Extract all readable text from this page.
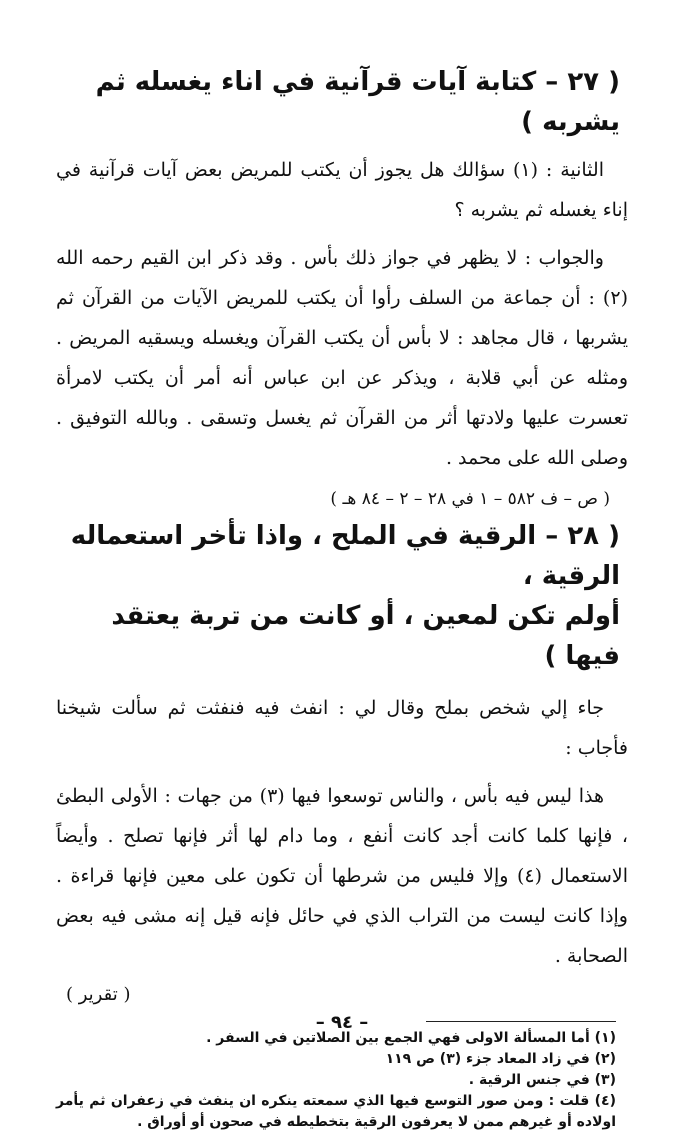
( ٢٧ – كتابة آيات قرآنية في اناء يغسله ثم يشربه )

الثانية : (١) سؤالك هل يجوز أن يكتب للمريض بعض آيات قرآنية في إناء يغسله ثم يشربه ؟

والجواب : لا يظهر في جواز ذلك بأس . وقد ذكر ابن القيم رحمه الله (٢) : أن جماعة من السلف رأوا أن يكتب للمريض الآيات من القرآن ثم يشربها ، قال مجاهد : لا بأس أن يكتب القرآن ويغسله ويسقيه المريض . ومثله عن أبي قلابة ، ويذكر عن ابن عباس أنه أمر أن يكتب لامرأة تعسرت عليها ولادتها أثر من القرآن ثم يغسل وتسقى . وبالله التوفيق . وصلى الله على محمد .

( ص – ف ٥٨٢ – ١ في ٢٨ – ٢ – ٨٤ هـ )

( ٢٨ – الرقية في الملح ، واذا تأخر استعماله الرقية ،
أولم تكن لمعين ، أو كانت من تربة يعتقد فيها )

جاء إلي شخص بملح وقال لي : انفث فيه فنفثت ثم سألت شيخنا فأجاب :

هذا ليس فيه بأس ، والناس توسعوا فيها (٣) من جهات : الأولى البطئ ، فإنها كلما كانت أجد كانت أنفع ، وما دام لها أثر فإنها تصلح . وأيضاً الاستعمال (٤) وإلا فليس من شرطها أن تكون على معين فإنها قراءة . وإذا كانت ليست من التراب الذي في حائل فإنه قيل إنه مشى فيه بعض الصحابة .

( تقرير )

(١) أما المسألة الاولى فهي الجمع بين الصلاتين في السفر .

(٢) في زاد المعاد جزء (٣) ص ١١٩

(٣) في جنس الرقية .

(٤) قلت : ومن صور التوسع فيها الذي سمعته ينكره ان ينفث في زعفران ثم يأمر اولاده أو غيرهم ممن لا يعرفون الرقية بتخطيطه في صحون أو أوراق .

– ٩٤ –
